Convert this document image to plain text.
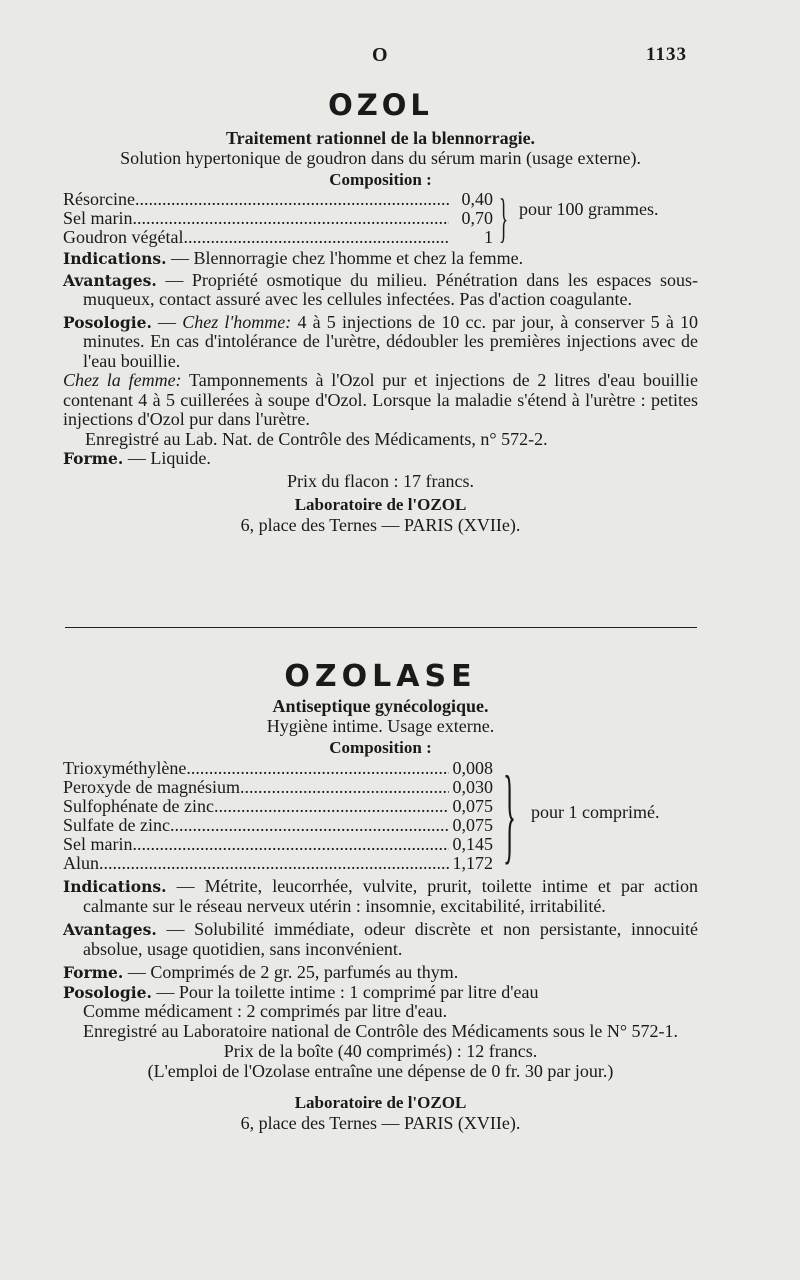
O	1133
OZOL

Traitement rationnel de la blennorragie.

Solution hypertonique de goudron dans du sérum marin (usage externe).

Composition :

Résorcine .....	0,40
Sel marin .....	0,70
Goudron végétal .....	1 } pour 100 grammes.

Indications. — Blennorragie chez l'homme et chez la femme.

Avantages. — Propriété osmotique du milieu. Pénétration dans les espaces sous-muqueux, contact assuré avec les cellules infectées. Pas d'action coagulante.

Posologie. — Chez l'homme: 4 à 5 injections de 10 cc. par jour, à conserver 5 à 10 minutes. En cas d'intolérance de l'urètre, dédoubler les premières injections avec de l'eau bouillie.

Chez la femme: Tamponnements à l'Ozol pur et injections de 2 litres d'eau bouillie contenant 4 à 5 cuillerées à soupe d'Ozol. Lorsque la maladie s'étend à l'urètre : petites injections d'Ozol pur dans l'urètre.

Enregistré au Lab. Nat. de Contrôle des Médicaments, n° 572-2.

Forme. — Liquide.

Prix du flacon : 17 francs.

Laboratoire de l'OZOL

6, place des Ternes — PARIS (XVIIe).

OZOLASE

Antiseptique gynécologique.

Hygiène intime. Usage externe.

Composition :

Trioxyméthylène .....	0,008
Peroxyde de magnésium .....	0,030
Sulfophénate de zinc .....	0,075
Sulfate de zinc .....	0,075
Sel marin .....	0,145
Alun .....	1,172 } pour 1 comprimé.

Indications. — Métrite, leucorrhée, vulvite, prurit, toilette intime et par action calmante sur le réseau nerveux utérin : insomnie, excitabilité, irritabilité.

Avantages. — Solubilité immédiate, odeur discrète et non persistante, innocuité absolue, usage quotidien, sans inconvénient.

Forme. — Comprimés de 2 gr. 25, parfumés au thym.

Posologie. — Pour la toilette intime : 1 comprimé par litre d'eau

Comme médicament : 2 comprimés par litre d'eau.

Enregistré au Laboratoire national de Contrôle des Médicaments sous le N° 572-1.

Prix de la boîte (40 comprimés) : 12 francs.

(L'emploi de l'Ozolase entraîne une dépense de 0 fr. 30 par jour.)

Laboratoire de l'OZOL

6, place des Ternes — PARIS (XVIIe).
